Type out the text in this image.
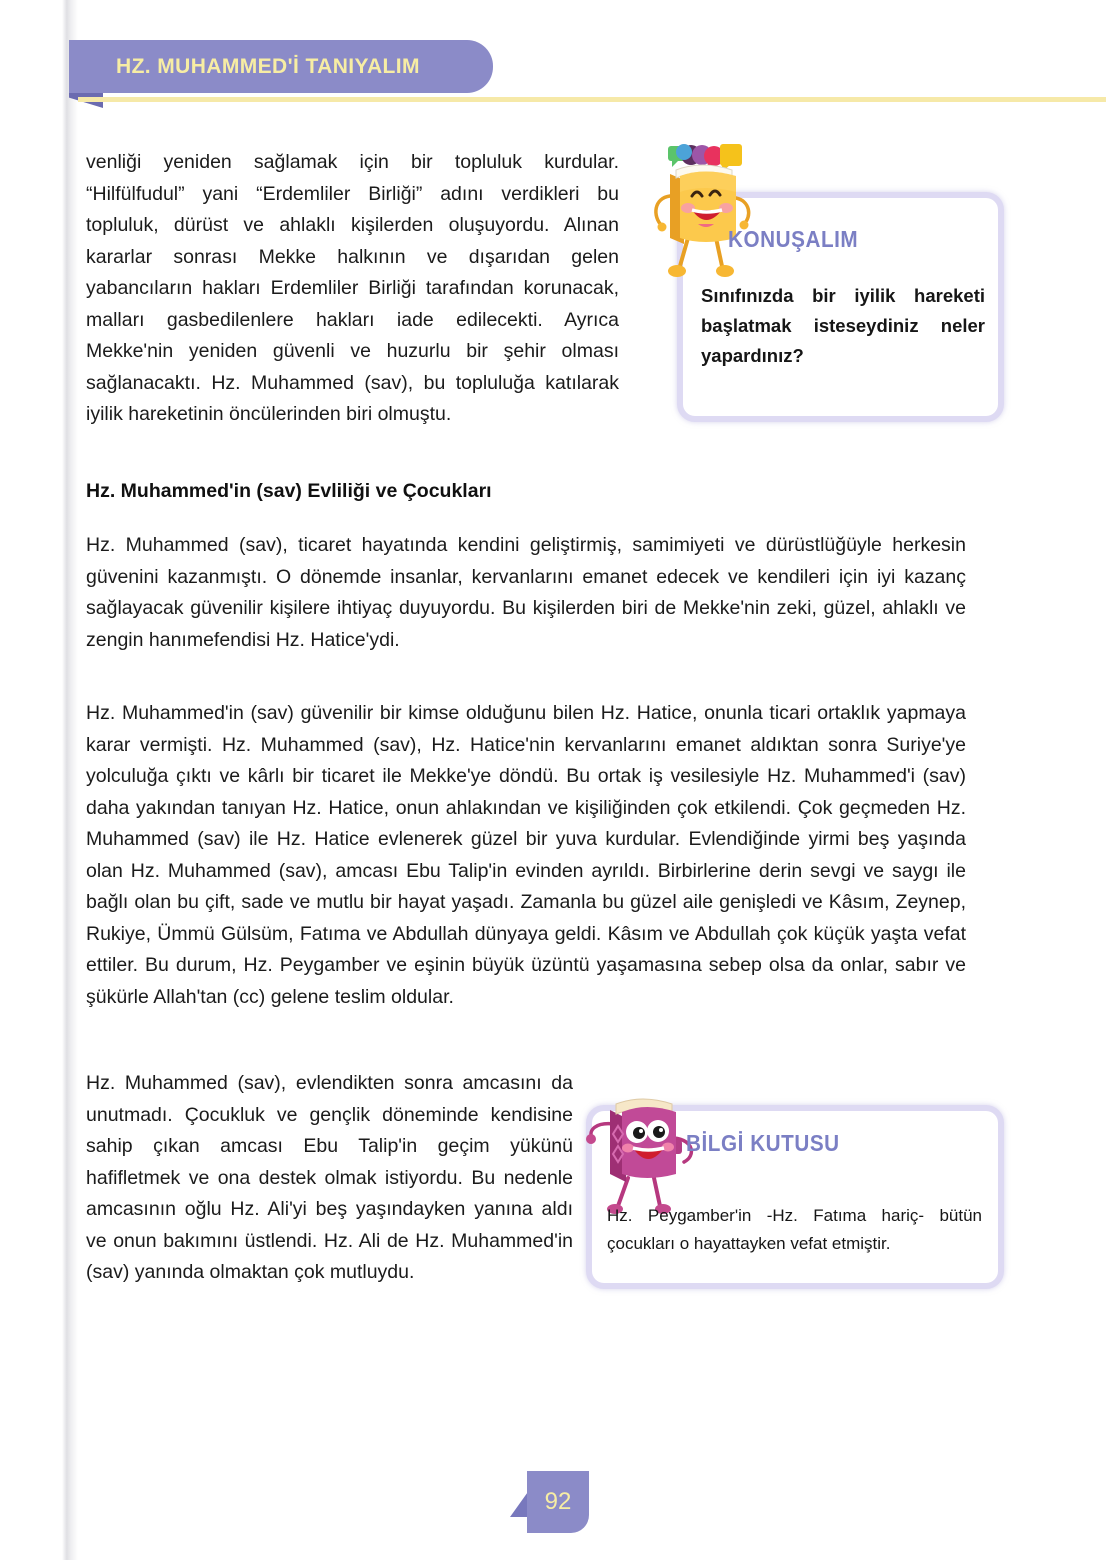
HZ. MUHAMMED'İ TANIYALIM

venliği yeniden sağlamak için bir topluluk kurdular. “Hilfülfudul” yani “Erdemliler Birliği” adını verdikleri bu topluluk, dürüst ve ahlaklı kişilerden oluşuyordu. Alınan kararlar sonrası Mekke halkının ve dışarıdan gelen yabancıların hakları Erdemliler Birliği tarafından korunacak, malları gasbedilenlere hakları iade edilecekti. Ayrıca Mekke'nin yeniden güvenli ve huzurlu bir şehir olması sağlanacaktı. Hz. Muhammed (sav), bu topluluğa katılarak iyilik hareketinin öncülerinden biri olmuştu.

Hz. Muhammed'in (sav) Evliliği ve Çocukları

Hz. Muhammed (sav), ticaret hayatında kendini geliştirmiş, samimiyeti ve dürüstlüğüyle herkesin güvenini kazanmıştı. O dönemde insanlar, kervanlarını emanet edecek ve kendileri için iyi kazanç sağlayacak güvenilir kişilere ihtiyaç duyuyordu. Bu kişilerden biri de Mekke'nin zeki, güzel, ahlaklı ve zengin hanımefendisi Hz. Hatice'ydi.

Hz. Muhammed'in (sav) güvenilir bir kimse olduğunu bilen Hz. Hatice, onunla ticari ortaklık yapmaya karar vermişti. Hz. Muhammed (sav), Hz. Hatice'nin kervanlarını emanet aldıktan sonra Suriye'ye yolculuğa çıktı ve kârlı bir ticaret ile Mekke'ye döndü. Bu ortak iş vesilesiyle Hz. Muhammed'i (sav) daha yakından tanıyan Hz. Hatice, onun ahlakından ve kişiliğinden çok etkilendi. Çok geçmeden Hz. Muhammed (sav) ile Hz. Hatice evlenerek güzel bir yuva kurdular. Evlendiğinde yirmi beş yaşında olan Hz. Muhammed (sav), amcası Ebu Talip'in evinden ayrıldı. Birbirlerine derin sevgi ve saygı ile bağlı olan bu çift, sade ve mutlu bir hayat yaşadı. Zamanla bu güzel aile genişledi ve Kâsım, Zeynep, Rukiye, Ümmü Gülsüm, Fatıma ve Abdullah dünyaya geldi. Kâsım ve Abdullah çok küçük yaşta vefat ettiler. Bu durum, Hz. Peygamber ve eşinin büyük üzüntü yaşamasına sebep olsa da onlar, sabır ve şükürle Allah'tan (cc) gelene teslim oldular.

Hz. Muhammed (sav), evlendikten sonra amcasını da unutmadı. Çocukluk ve gençlik döneminde kendisine sahip çıkan amcası Ebu Talip'in geçim yükünü hafifletmek ve ona destek olmak istiyordu. Bu nedenle amcasının oğlu Hz. Ali'yi beş yaşındayken yanına aldı ve onun bakımını üstlendi. Hz. Ali de Hz. Muhammed'in (sav) yanında olmaktan çok mutluydu.

KONUŞALIM
Sınıfınızda bir iyilik hareketi başlatmak isteseydiniz neler yapardınız?
BİLGİ KUTUSU
Hz. Peygamber'in -Hz. Fatıma hariç- bütün çocukları o hayattayken vefat etmiştir.
92
